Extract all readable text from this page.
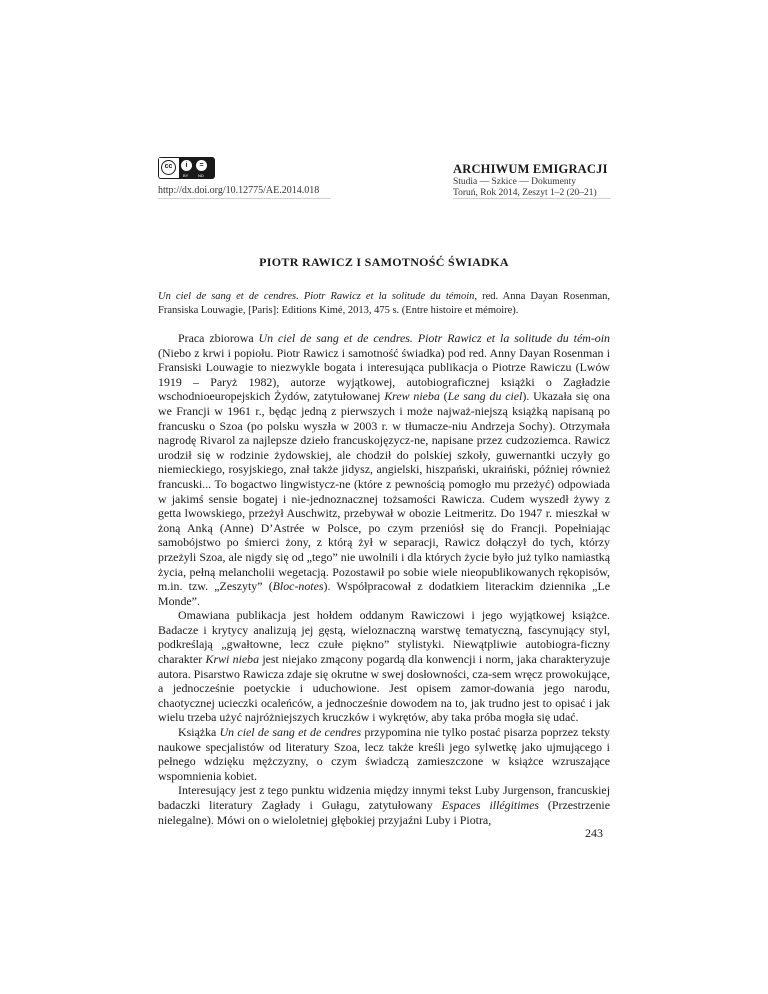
cc	i	=
BY ND
http://dx.doi.org/10.12775/AE.2014.018
ARCHIWUM EMIGRACJI
Studia — Szkice — Dokumenty
Toruń, Rok 2014, Zeszyt 1–2 (20–21)
PIOTR RAWICZ I SAMOTNOŚĆ ŚWIADKA
Un ciel de sang et de cendres. Piotr Rawicz et la solitude du témoin, red. Anna Dayan Rosenman, Fransiska Louwagie, [Paris]: Editions Kimé, 2013, 475 s. (Entre histoire et mémoire).

Praca zbiorowa Un ciel de sang et de cendres. Piotr Rawicz et la solitude du tém-oin (Niebo z krwi i popiołu. Piotr Rawicz i samotność świadka) pod red. Anny Dayan Rosenman i Fransiski Louwagie to niezwykle bogata i interesująca publikacja o Piotrze Rawiczu (Lwów 1919 – Paryż 1982), autorze wyjątkowej, autobiograficznej książki o Zagładzie wschodnioeuropejskich Żydów, zatytułowanej Krew nieba (Le sang du ciel). Ukazała się ona we Francji w 1961 r., będąc jedną z pierwszych i może najważ-niejszą książką napisaną po francusku o Szoa (po polsku wyszła w 2003 r. w tłumacze-niu Andrzeja Sochy). Otrzymała nagrodę Rivarol za najlepsze dzieło francuskojęzycz-ne, napisane przez cudzoziemca. Rawicz urodził się w rodzinie żydowskiej, ale chodził do polskiej szkoły, guwernantki uczyły go niemieckiego, rosyjskiego, znał także jidysz, angielski, hiszpański, ukraiński, później również francuski... To bogactwo lingwistycz-ne (które z pewnością pomogło mu przeżyć) odpowiada w jakimś sensie bogatej i nie-jednoznacznej tożsamości Rawicza. Cudem wyszedł żywy z getta lwowskiego, przeżył Auschwitz, przebywał w obozie Leitmeritz. Do 1947 r. mieszkał w żoną Anką (Anne) D’Astrée w Polsce, po czym przeniósł się do Francji. Popełniając samobójstwo po śmierci żony, z którą żył w separacji, Rawicz dołączył do tych, którzy przeżyli Szoa, ale nigdy się od „tego” nie uwolnili i dla których życie było już tylko namiastką życia, pełną melancholii wegetacją. Pozostawił po sobie wiele nieopublikowanych rękopisów, m.in. tzw. „Zeszyty” (Bloc-notes). Współpracował z dodatkiem literackim dziennika „Le Monde”.

Omawiana publikacja jest hołdem oddanym Rawiczowi i jego wyjątkowej książce. Badacze i krytycy analizują jej gęstą, wieloznaczną warstwę tematyczną, fascynujący styl, podkreślają „gwałtowne, lecz czułe piękno” stylistyki. Niewątpliwie autobiogra-ficzny charakter Krwi nieba jest niejako zmącony pogardą dla konwencji i norm, jaka charakteryzuje autora. Pisarstwo Rawicza zdaje się okrutne w swej dosłowności, cza-sem wręcz prowokujące, a jednocześnie poetyckie i uduchowione. Jest opisem zamor-dowania jego narodu, chaotycznej ucieczki ocaleńców, a jednocześnie dowodem na to, jak trudno jest to opisać i jak wielu trzeba użyć najróżniejszych kruczków i wykrętów, aby taka próba mogła się udać.

Książka Un ciel de sang et de cendres przypomina nie tylko postać pisarza poprzez teksty naukowe specjalistów od literatury Szoa, lecz także kreśli jego sylwetkę jako ujmującego i pełnego wdzięku mężczyzny, o czym świadczą zamieszczone w książce wzruszające wspomnienia kobiet.

Interesujący jest z tego punktu widzenia między innymi tekst Luby Jurgenson, francuskiej badaczki literatury Zagłady i Gułagu, zatytułowany Espaces illégitimes (Przestrzenie nielegalne). Mówi on o wieloletniej głębokiej przyjaźni Luby i Piotra,

243
